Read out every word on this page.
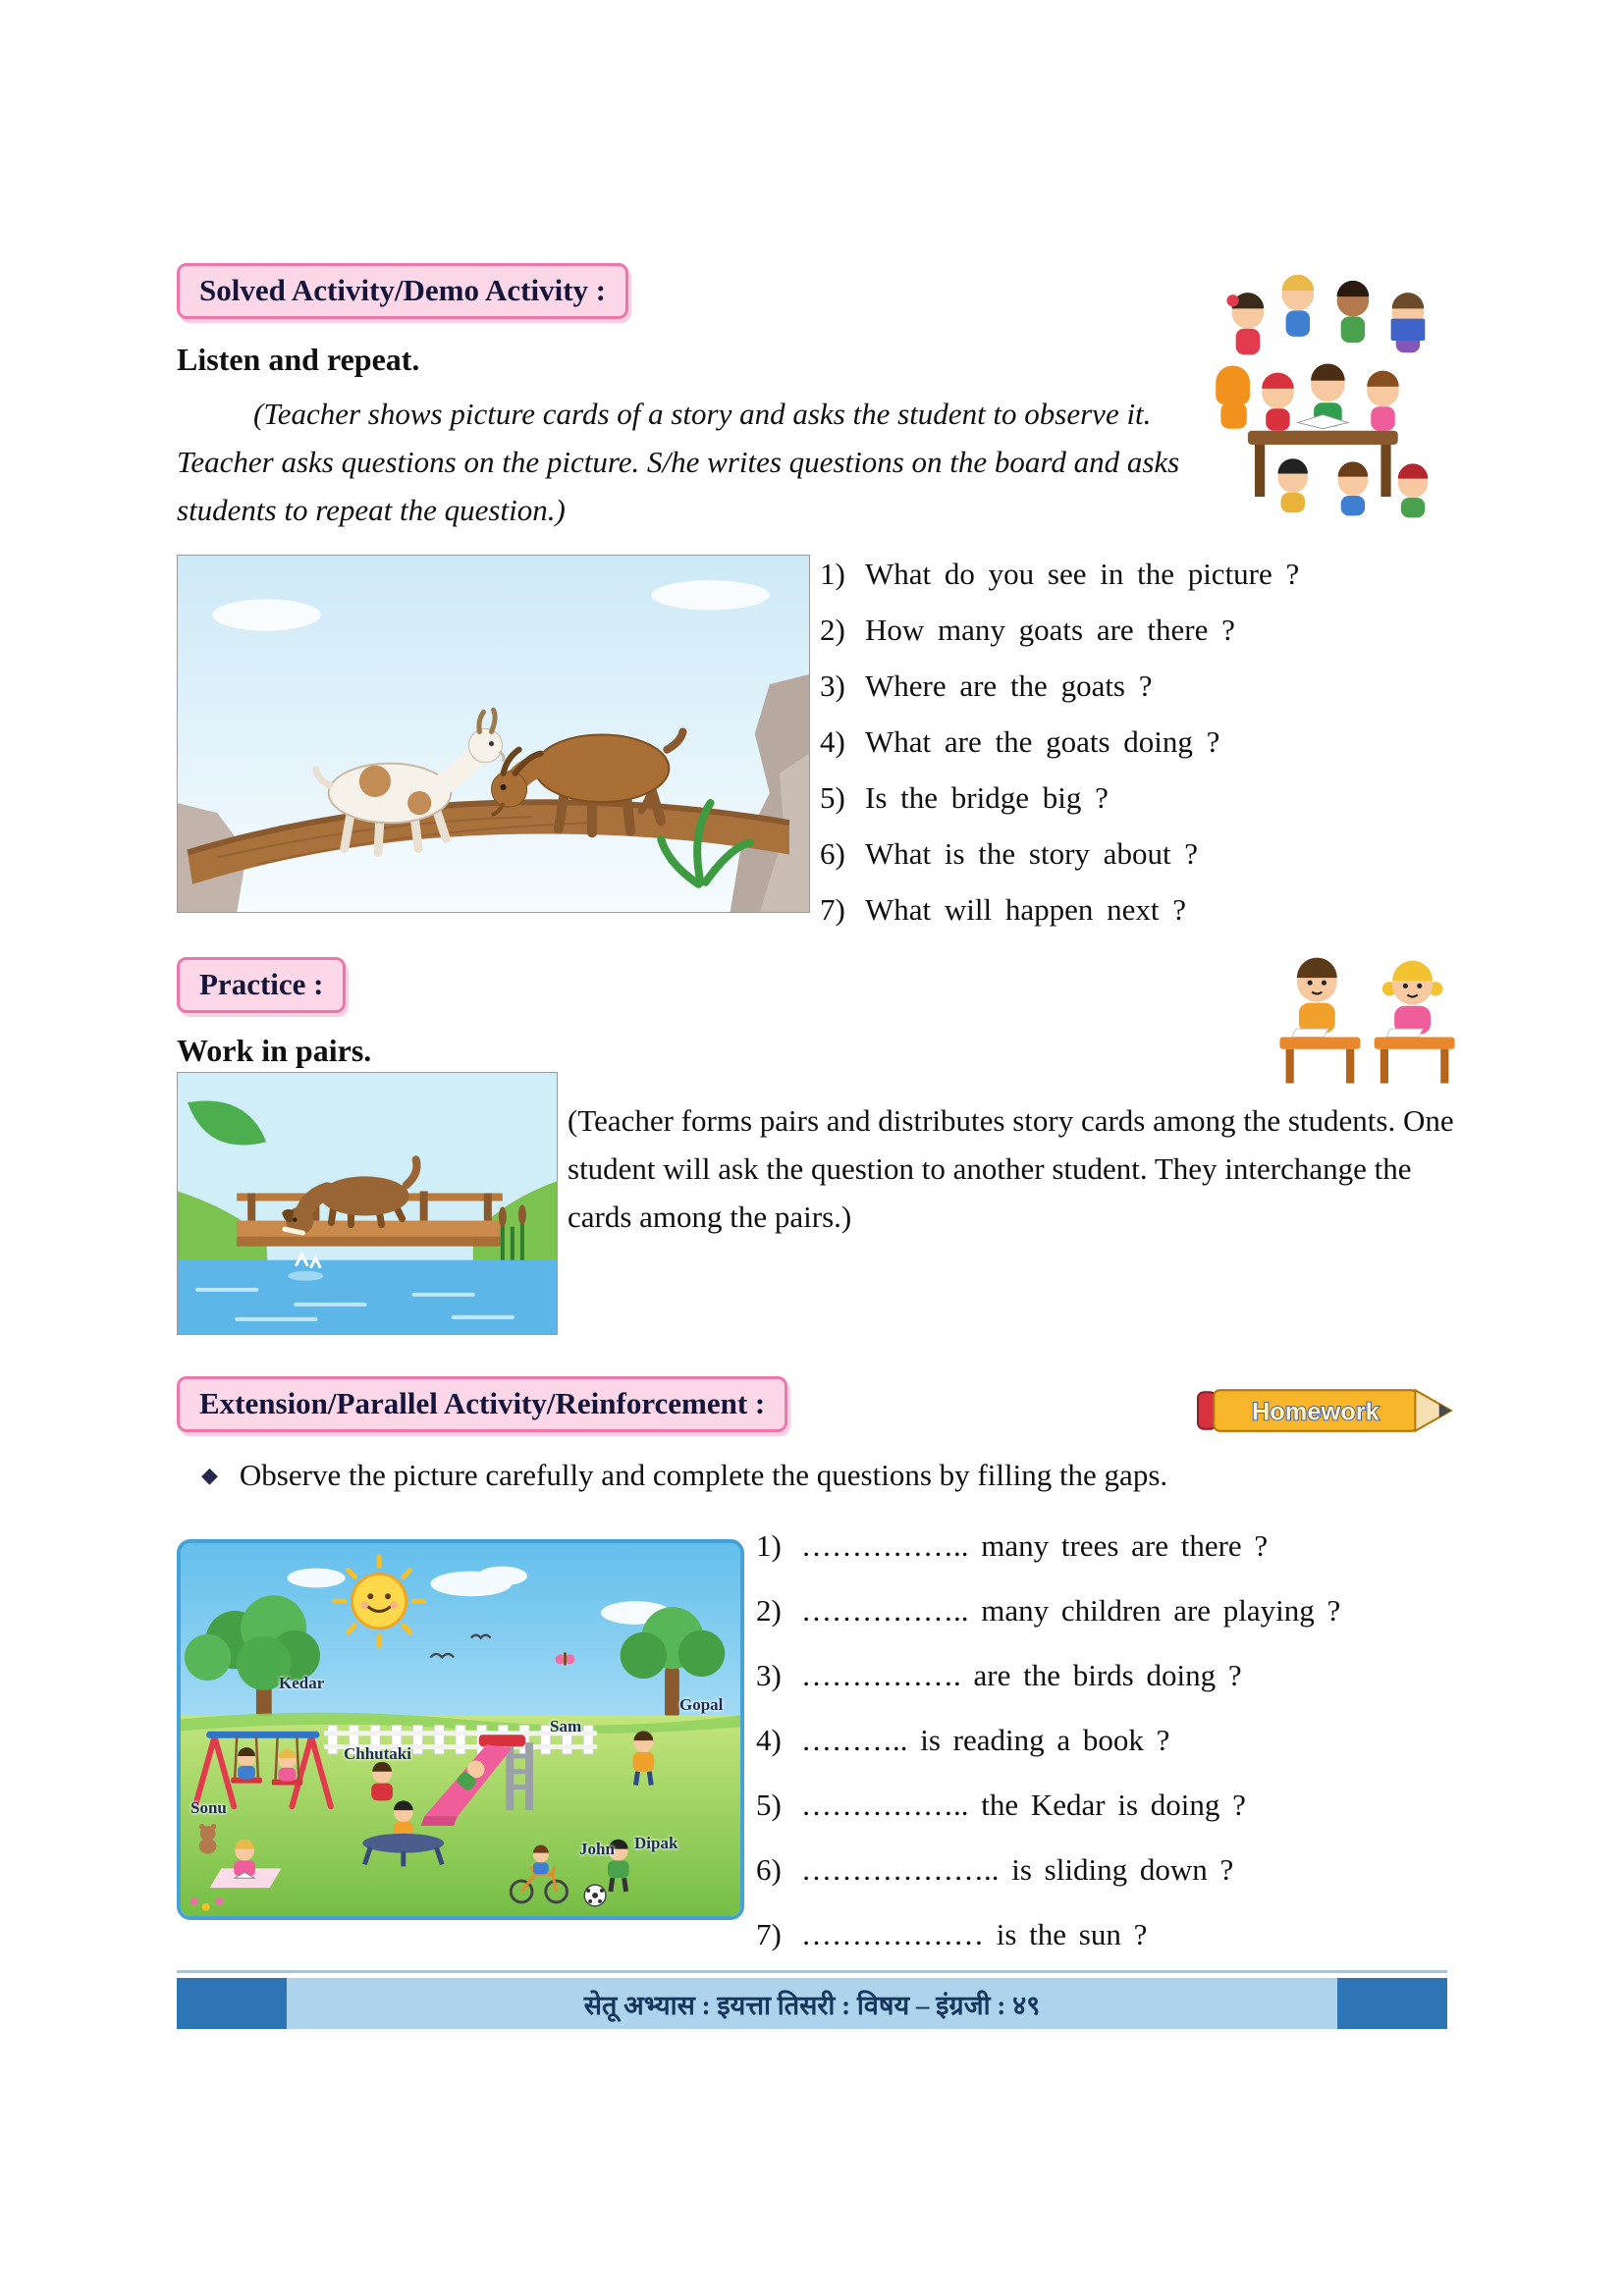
Solved Activity/Demo Activity :
Listen and repeat.
(Teacher shows picture cards of a story and asks the student to observe it. Teacher asks questions on the picture. S/he writes questions on the board and asks students to repeat the question.)
1) What do you see in the picture ?
2) How many goats are there ?
3) Where are the goats ?
4) What are the goats doing ?
5) Is the bridge big ?
6) What is the story about ?
7) What will happen next ?
Practice :
Work in pairs.
(Teacher forms pairs and distributes story cards among the students. One student will ask the question to another student. They interchange the cards among the pairs.)
Extension/Parallel Activity/Reinforcement :	Homework
◆ Observe the picture carefully and complete the questions by filling the gaps.
Kedar
Gopal
Sam
Chhutaki
Sonu
John Dipak
1) …………….. many trees are there ?
2) …………….. many children are playing ?
3) ……………. are the birds doing ?
4) ……….. is reading a book ?
5) …………….. the Kedar is doing ?
6) ……………….. is sliding down ?
7) ……………… is the sun ?
सेतू अभ्यास : इयत्ता तिसरी : विषय – इंग्रजी : ४९
